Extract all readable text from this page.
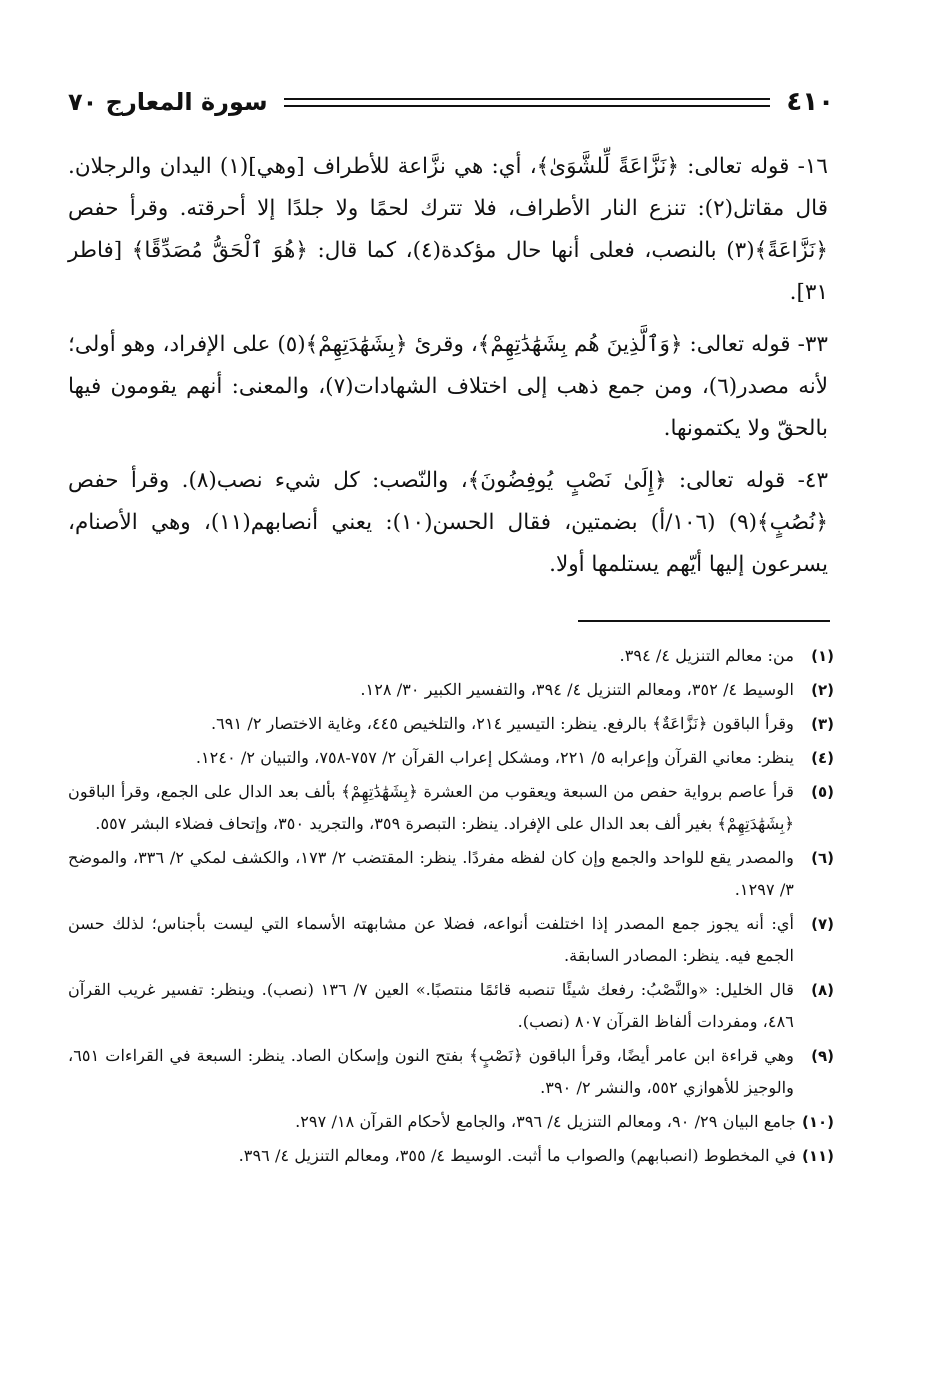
٤١٠
سورة المعارج ٧٠

١٦- قوله تعالى: ﴿نَزَّاعَةً لِّلشَّوَىٰ﴾، أي: هي نزَّاعة للأطراف [وهي](١) اليدان والرجلان. قال مقاتل(٢): تنزع النار الأطراف، فلا تترك لحمًا ولا جلدًا إلا أحرقته. وقرأ حفص ﴿نَزَّاعَةً﴾(٣) بالنصب، فعلى أنها حال مؤكدة(٤)، كما قال: ﴿هُوَ ٱلْحَقُّ مُصَدِّقًا﴾ [فاطر ٣١].

٣٣- قوله تعالى: ﴿وَٱلَّذِينَ هُم بِشَهَٰدَٰتِهِمْ﴾، وقرئ ﴿بِشَهَٰدَتِهِمْ﴾(٥) على الإفراد، وهو أولى؛ لأنه مصدر(٦)، ومن جمع ذهب إلى اختلاف الشهادات(٧)، والمعنى: أنهم يقومون فيها بالحقّ ولا يكتمونها.

٤٣- قوله تعالى: ﴿إِلَىٰ نَصْبٍ يُوفِضُونَ﴾، والنّصب: كل شيء نصب(٨). وقرأ حفص ﴿نُصُبٍ﴾(٩) (١٠٦/أ) بضمتين، فقال الحسن(١٠): يعني أنصابهم(١١)، وهي الأصنام، يسرعون إليها أيّهم يستلمها أولا.

(١)
من: معالم التنزيل ٤/ ٣٩٤.
(٢)
الوسيط ٤/ ٣٥٢، ومعالم التنزيل ٤/ ٣٩٤، والتفسير الكبير ٣٠/ ١٢٨.
(٣)
وقرأ الباقون ﴿نَزَّاعَةٌ﴾ بالرفع. ينظر: التيسير ٢١٤، والتلخيص ٤٤٥، وغاية الاختصار ٢/ ٦٩١.
(٤)
ينظر: معاني القرآن وإعرابه ٥/ ٢٢١، ومشكل إعراب القرآن ٢/ ٧٥٧-٧٥٨، والتبيان ٢/ ١٢٤٠.
(٥)
قرأ عاصم برواية حفص من السبعة ويعقوب من العشرة ﴿بِشَهَٰدَٰتِهِمْ﴾ بألف بعد الدال على الجمع، وقرأ الباقون ﴿بِشَهَٰدَتِهِمْ﴾ بغير ألف بعد الدال على الإفراد. ينظر: التبصرة ٣٥٩، والتجريد ٣٥٠، وإتحاف فضلاء البشر ٥٥٧.
(٦)
والمصدر يقع للواحد والجمع وإن كان لفظه مفردًا. ينظر: المقتضب ٢/ ١٧٣، والكشف لمكي ٢/ ٣٣٦، والموضح ٣/ ١٢٩٧.
(٧)
أي: أنه يجوز جمع المصدر إذا اختلفت أنواعه، فضلا عن مشابهته الأسماء التي ليست بأجناس؛ لذلك حسن الجمع فيه. ينظر: المصادر السابقة.
(٨)
قال الخليل: «والنَّصْبُ: رفعك شيئًا تنصبه قائمًا منتصبًا.» العين ٧/ ١٣٦ (نصب). وينظر: تفسير غريب القرآن ٤٨٦، ومفردات ألفاظ القرآن ٨٠٧ (نصب).
(٩)
وهي قراءة ابن عامر أيضًا، وقرأ الباقون ﴿نَصْبٍ﴾ بفتح النون وإسكان الصاد. ينظر: السبعة في القراءات ٦٥١، والوجيز للأهوازي ٥٥٢، والنشر ٢/ ٣٩٠.
(١٠)
جامع البيان ٢٩/ ٩٠، ومعالم التنزيل ٤/ ٣٩٦، والجامع لأحكام القرآن ١٨/ ٢٩٧.
(١١)
في المخطوط (انصبابهم) والصواب ما أثبت. الوسيط ٤/ ٣٥٥، ومعالم التنزيل ٤/ ٣٩٦.
